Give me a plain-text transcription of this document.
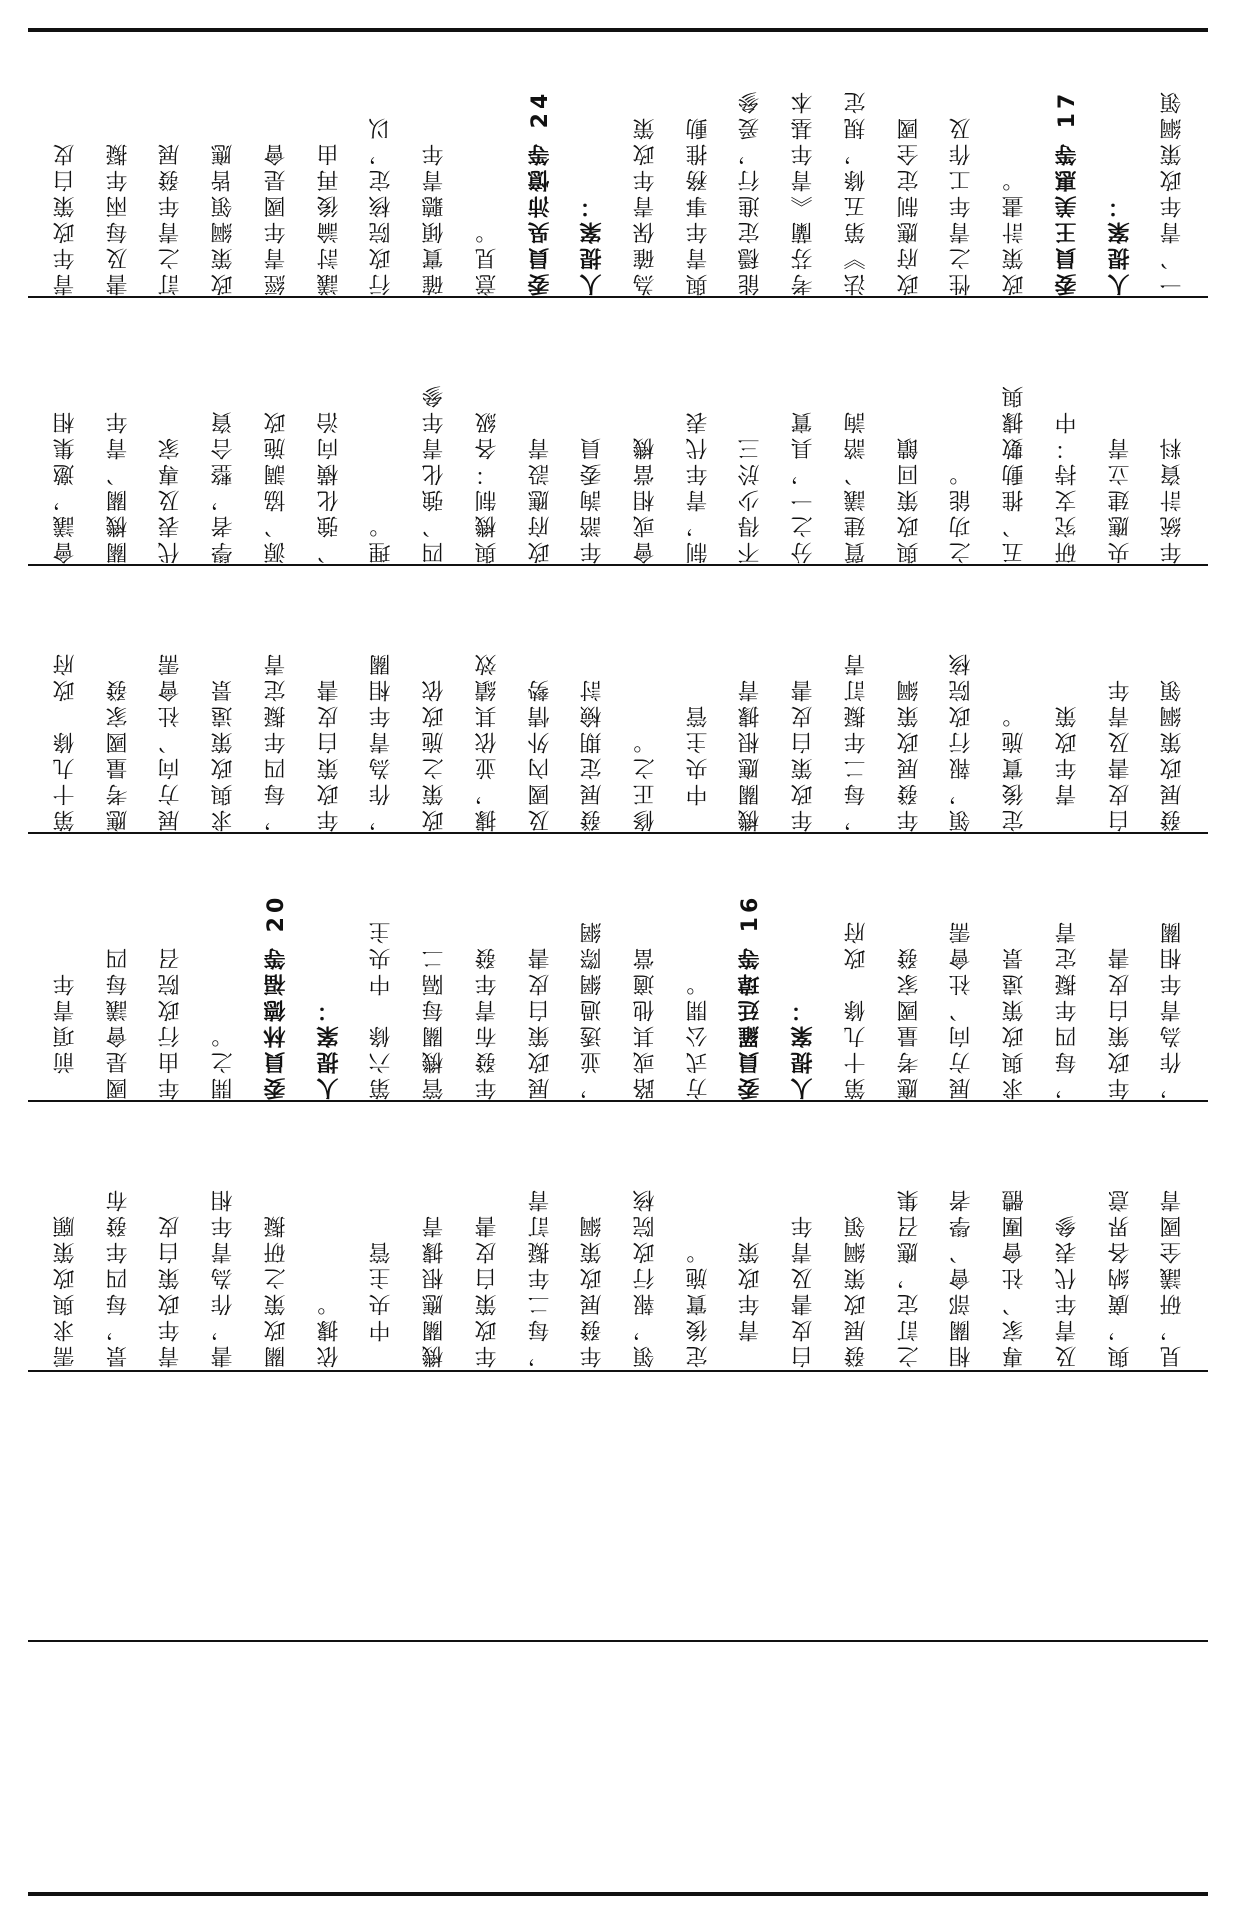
青年政策白皮	書及每兩年擬	訂之青年發展	政策綱領皆應	經青年國是會	議討論後再由	行政院核定，以	確實傾聽青年	意見。	委員吳沛憶等 24	人提案：	為確保青年政策	與青年事務推動	能穩定進行，爰參	考芬蘭《青年基本	法》第五條，規定	政府應制定全國	性之青年工作及	政策計畫。	委員王美惠等 17	人提案：	一、青年政策綱領
會議，邀集相	關機關、青年	代表及專家	學者，整合資	源、協調施政	、強化橫向治	理。	四、強化青年參	與機制：各級	政府應設青	年諮詢委員	會或相當機	制，青年代表	不得少於三	分之一，具實	質建議、諮詢	與政策回饋	之功能。	五、推動數據與	研究支持：中	央應建立青	年統計資料
第十九條　政府	應考量國家發	展方向、社會需	求與政策遠景	，每四年擬定青	年政策白皮書	，作為青年相關	政策之施政依	據，並依其績效	及國內外情勢	發展定期檢討	修正之。	　中央主管	機關應根據青	年政策白皮書	，每二年擬訂青	年發展政策綱	領，報行政院核	定後實施。	　青年政策	白皮書及青年	發展政策綱領
　前項青年	國是會議每四	年由行政院召	開之。	委員林德福等 20	人提案：	第六條　中央主	管機關每隔二	年發布青年發	展政策白皮書	，並透過網際網	路或其他適當	方式公開。	委員羅廷瑋等 16	人提案：	第十九條　政府	應考量國家發	展方向、社會需	求與政策遠景	，每四年擬定青	年政策白皮書	，作為青年相關
需求與政策願	景，每四年發布	青年政策白皮	書，作為青年相	關政策之研擬	依據。	　中央主管	機關應根據青	年政策白皮書	，每二年擬訂青	年發展政策綱	領，報行政院核	定後實施。	　青年政策	白皮書及青年	發展政策綱領	之訂定，應召集	相關部會、學者	專家、社會團體	及青年代表參	與，廣納各界意	見，研議全國青
